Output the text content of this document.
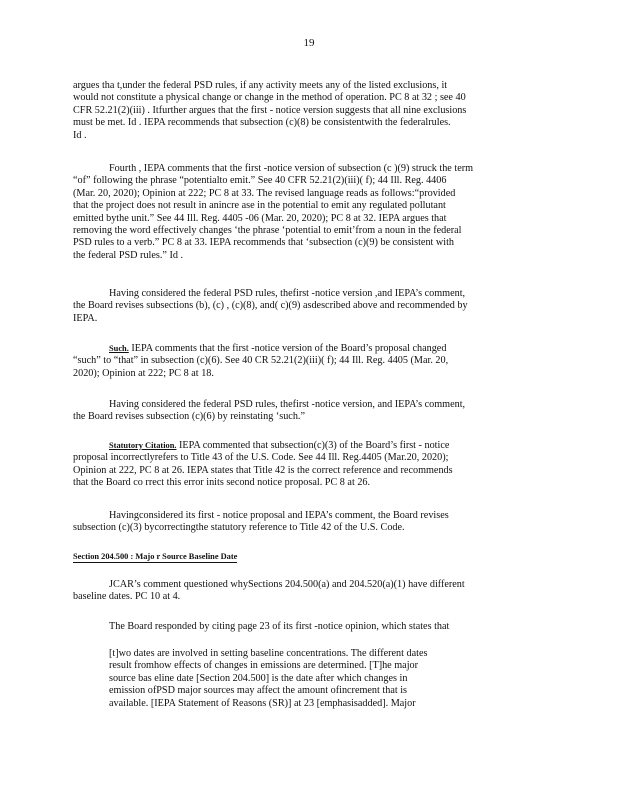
19
argues tha t,under the federal PSD rules, if any activity meets any of the listed exclusions, it
would not constitute a physical change or change in the method of operation. PC 8 at 32 ; see 40
CFR 52.21(2)(iii) . Itfurther argues that the first - notice version suggests that all nine exclusions
must be met. Id . IEPA recommends that subsection (c)(8) be consistentwith the federalrules.
Id .
Fourth , IEPA comments that the first -notice version of subsection (c )(9) struck the term
“of” following the phrase “potentialto emit.” See 40 CFR 52.21(2)(iii)( f); 44 Ill. Reg. 4406
(Mar. 20, 2020); Opinion at 222; PC 8 at 33. The revised language reads as follows:“provided
that the project does not result in anincre ase in the potential to emit any regulated pollutant
emitted bythe unit.” See 44 Ill. Reg. 4405 -06 (Mar. 20, 2020); PC 8 at 32. IEPA argues that
removing the word effectively changes ‘the phrase ‘potential to emit’from a noun in the federal
PSD rules to a verb.” PC 8 at 33. IEPA recommends that ‘subsection (c)(9) be consistent with
the federal PSD rules.” Id .
Having considered the federal PSD rules, thefirst -notice version ,and IEPA’s comment,
the Board revises subsections (b), (c) , (c)(8), and( c)(9) asdescribed above and recommended by
IEPA.
Such. IEPA comments that the first -notice version of the Board’s proposal changed
“such” to “that” in subsection (c)(6). See 40 CR 52.21(2)(iii)( f); 44 Ill. Reg. 4405 (Mar. 20,
2020); Opinion at 222; PC 8 at 18.
Having considered the federal PSD rules, thefirst -notice version, and IEPA’s comment,
the Board revises subsection (c)(6) by reinstating ‘such.”
Statutory Citation. IEPA commented that subsection(c)(3) of the Board’s first - notice
proposal incorrectlyrefers to Title 43 of the U.S. Code. See 44 Ill. Reg.4405 (Mar.20, 2020);
Opinion at 222, PC 8 at 26. IEPA states that Title 42 is the correct reference and recommends
that the Board co rrect this error inits second notice proposal. PC 8 at 26.
Havingconsidered its first - notice proposal and IEPA’s comment, the Board revises
subsection (c)(3) bycorrectingthe statutory reference to Title 42 of the U.S. Code.
Section 204.500 : Majo r Source Baseline Date
JCAR’s comment questioned whySections 204.500(a) and 204.520(a)(1) have different
baseline dates. PC 10 at 4.
The Board responded by citing page 23 of its first -notice opinion, which states that
[t]wo dates are involved in setting baseline concentrations. The different dates
result fromhow effects of changes in emissions are determined. [T]he major
source bas eline date [Section 204.500] is the date after which changes in
emission ofPSD major sources may affect the amount ofincrement that is
available. [IEPA Statement of Reasons (SR)] at 23 [emphasisadded]. Major
